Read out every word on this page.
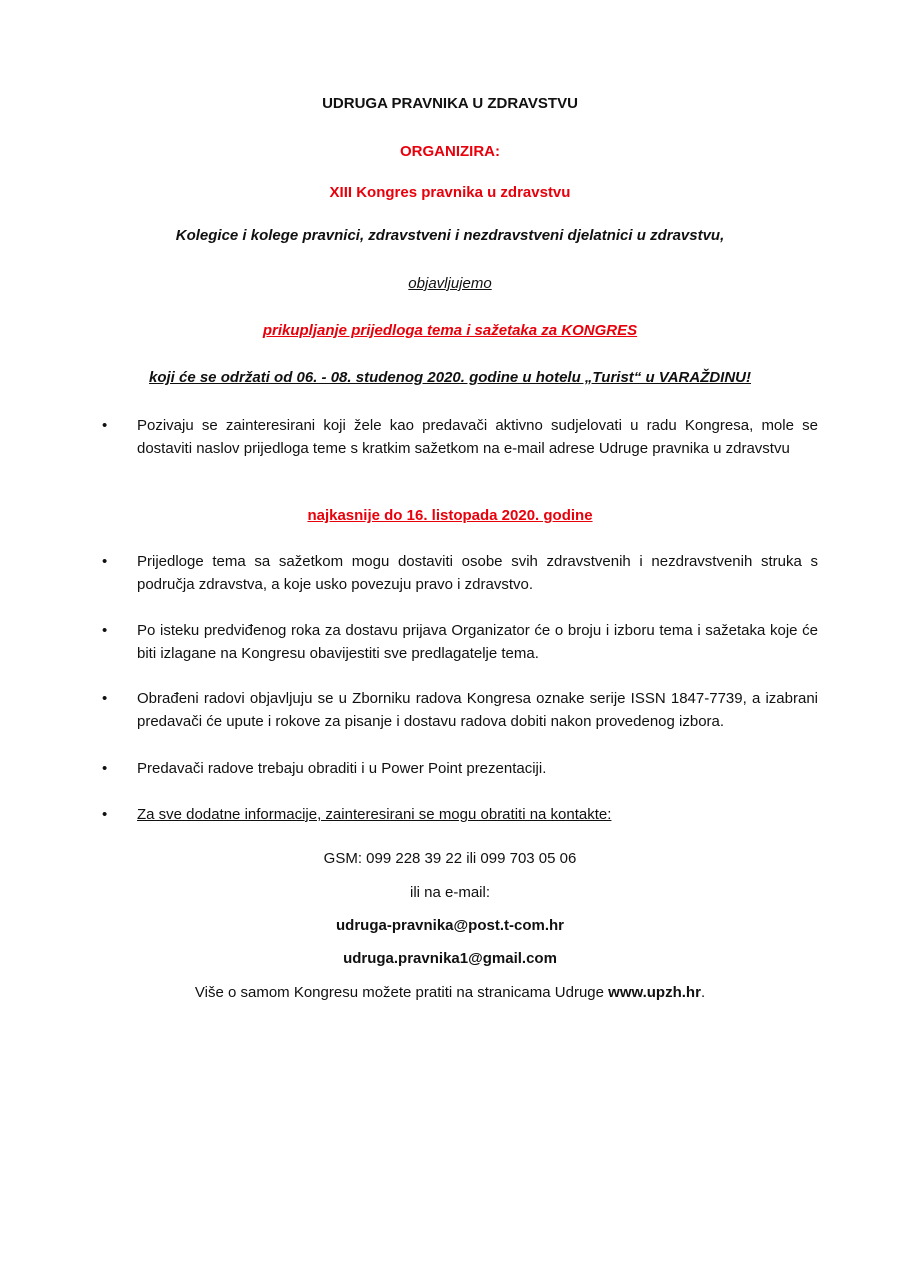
UDRUGA PRAVNIKA U ZDRAVSTVU
ORGANIZIRA:
XIII Kongres pravnika u zdravstvu
Kolegice i kolege pravnici, zdravstveni i nezdravstveni djelatnici u zdravstvu,
objavljujemo
prikupljanje prijedloga tema i sažetaka za KONGRES
koji će se održati od 06. - 08. studenog 2020. godine u hotelu „Turist“ u VARAŽDINU!
•	Pozivaju se zainteresirani koji žele kao predavači aktivno sudjelovati u radu Kongresa, mole se dostaviti naslov prijedloga teme s kratkim sažetkom na e-mail adrese Udruge pravnika u zdravstvu
najkasnije do 16. listopada 2020. godine
•	Prijedloge tema sa sažetkom mogu dostaviti osobe svih zdravstvenih i nezdravstvenih struka s područja zdravstva, a koje usko povezuju pravo i zdravstvo.
•	Po isteku predviđenog roka za dostavu prijava Organizator će o broju i izboru tema i sažetaka koje će biti izlagane na Kongresu obavijestiti sve predlagatelje tema.
•	Obrađeni radovi objavljuju se u Zborniku radova Kongresa oznake serije ISSN 1847-7739, a izabrani predavači će upute i rokove za pisanje i dostavu radova dobiti nakon provedenog izbora.
•	Predavači radove trebaju obraditi i u Power Point prezentaciji.
•	Za sve dodatne informacije, zainteresirani se mogu obratiti na kontakte:
GSM: 099 228 39 22 ili 099 703 05 06
ili na e-mail:
udruga-pravnika@post.t-com.hr
udruga.pravnika1@gmail.com
Više o samom Kongresu možete pratiti na stranicama Udruge www.upzh.hr.
